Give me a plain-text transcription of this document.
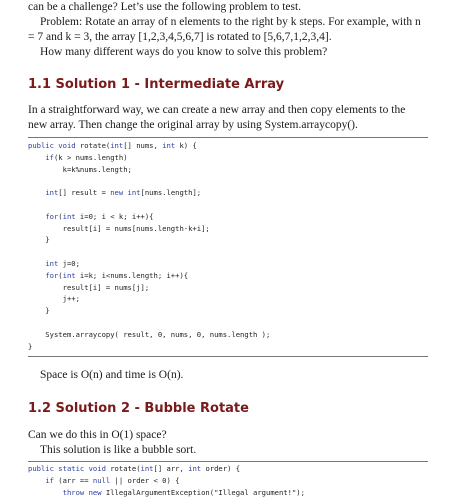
can be a challenge? Let’s use the following problem to test.
Problem: Rotate an array of n elements to the right by k steps. For example, with n
= 7 and k = 3, the array [1,2,3,4,5,6,7] is rotated to [5,6,7,1,2,3,4].
How many different ways do you know to solve this problem?
1.1 Solution 1 - Intermediate Array
In a straightforward way, we can create a new array and then copy elements to the
new array. Then change the original array by using System.arraycopy().
public void rotate(int[] nums, int k) {
if(k > nums.length)
k=k%nums.length;

int[] result = new int[nums.length];

for(int i=0; i < k; i++){
result[i] = nums[nums.length-k+i];
}

int j=0;
for(int i=k; i<nums.length; i++){
result[i] = nums[j];
j++;
}

System.arraycopy( result, 0, nums, 0, nums.length );
}
Space is O(n) and time is O(n).
1.2 Solution 2 - Bubble Rotate
Can we do this in O(1) space?
This solution is like a bubble sort.
public static void rotate(int[] arr, int order) {
if (arr == null || order < 0) {
throw new IllegalArgumentException("Illegal argument!");
